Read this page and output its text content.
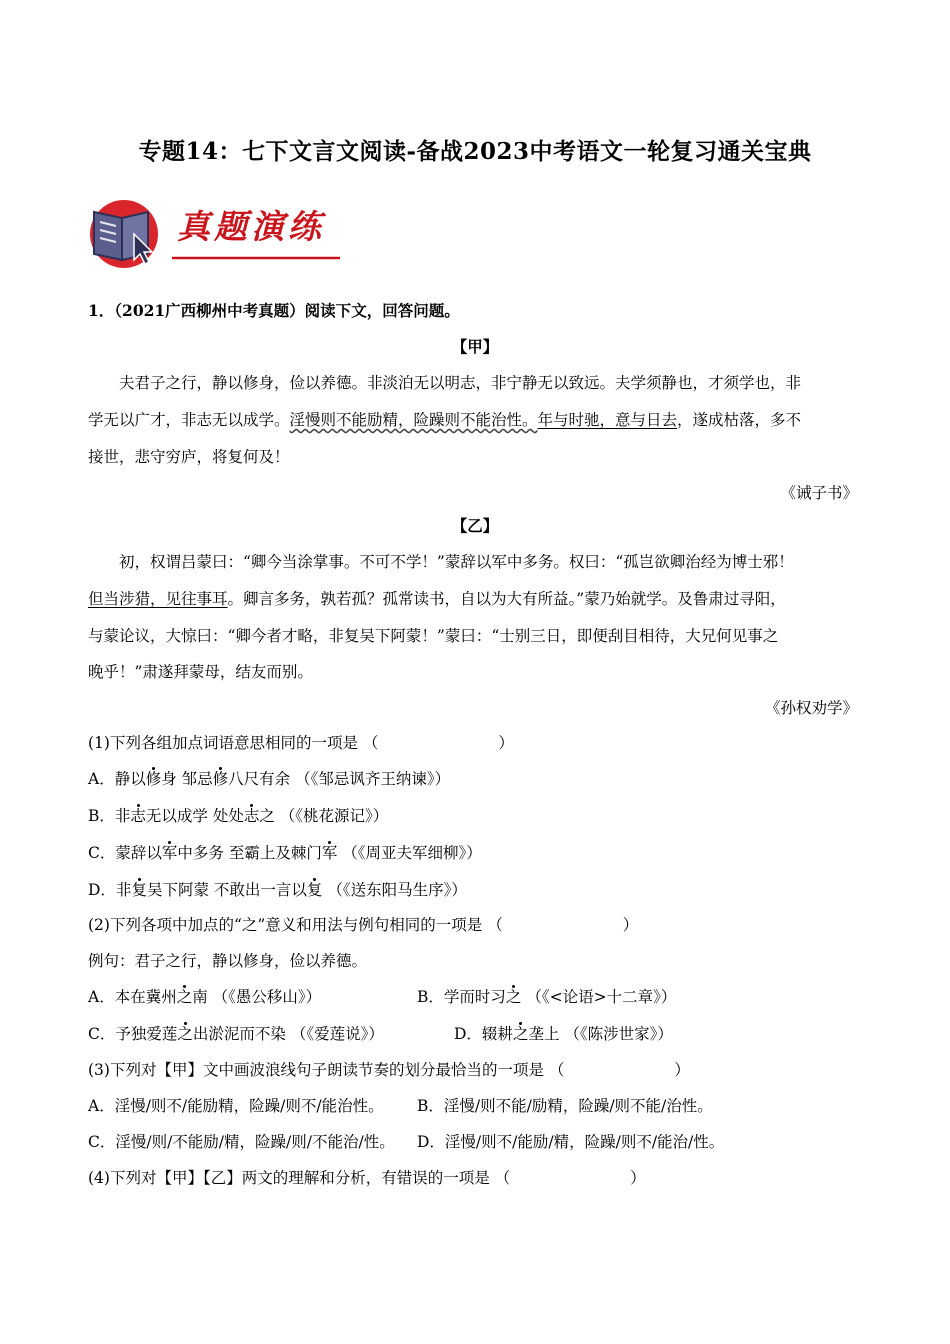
专题14：七下文言文阅读-备战2023中考语文一轮复习通关宝典
真题演练
1．（2021广西柳州中考真题）阅读下文，回答问题。
【甲】
夫君子之行，静以修身，俭以养德。非淡泊无以明志，非宁静无以致远。夫学须静也，才须学也，非
学无以广才，非志无以成学。淫慢则不能励精，险躁则不能治性。年与时驰，意与日去，遂成枯落，多不
接世，悲守穷庐，将复何及！
《诫子书》
【乙】
初，权谓吕蒙曰：“卿今当涂掌事。不可不学！”蒙辞以军中多务。权曰：“孤岂欲卿治经为博士邪！
但当涉猎，见往事耳。卿言多务，孰若孤？孤常读书，自以为大有所益。”蒙乃始就学。及鲁肃过寻阳，
与蒙论议，大惊曰：“卿今者才略，非复吴下阿蒙！”蒙曰：“士别三日，即便刮目相待，大兄何见事之
晚乎！”肃遂拜蒙母，结友而别。
《孙权劝学》
(1)下列各组加点词语意思相同的一项是 （	）
A．静以修身 邹忌修八尺有余 （《邹忌讽齐王纳谏》）
B．非志无以成学 处处志之 （《桃花源记》）
C．蒙辞以军中多务 至霸上及棘门军 （《周亚夫军细柳》）
D．非复吴下阿蒙 不敢出一言以复 （《送东阳马生序》）
(2)下列各项中加点的“之”意义和用法与例句相同的一项是 （	）
例句：君子之行，静以修身，俭以养德。
A．本在冀州之南 （《愚公移山》）	B．学而时习之 （《<论语>十二章》）
C．予独爱莲之出淤泥而不染 （《爱莲说》）	D．辍耕之垄上 （《陈涉世家》）
(3)下列对【甲】文中画波浪线句子朗读节奏的划分最恰当的一项是 （	）
A．淫慢/则不/能励精，险躁/则不/能治性。 B．淫慢/则不能/励精，险躁/则不能/治性。
C．淫慢/则/不能励/精，险躁/则/不能治/性。 D．淫慢/则不/能励/精，险躁/则不/能治/性。
(4)下列对【甲】【乙】两文的理解和分析，有错误的一项是 （	）
